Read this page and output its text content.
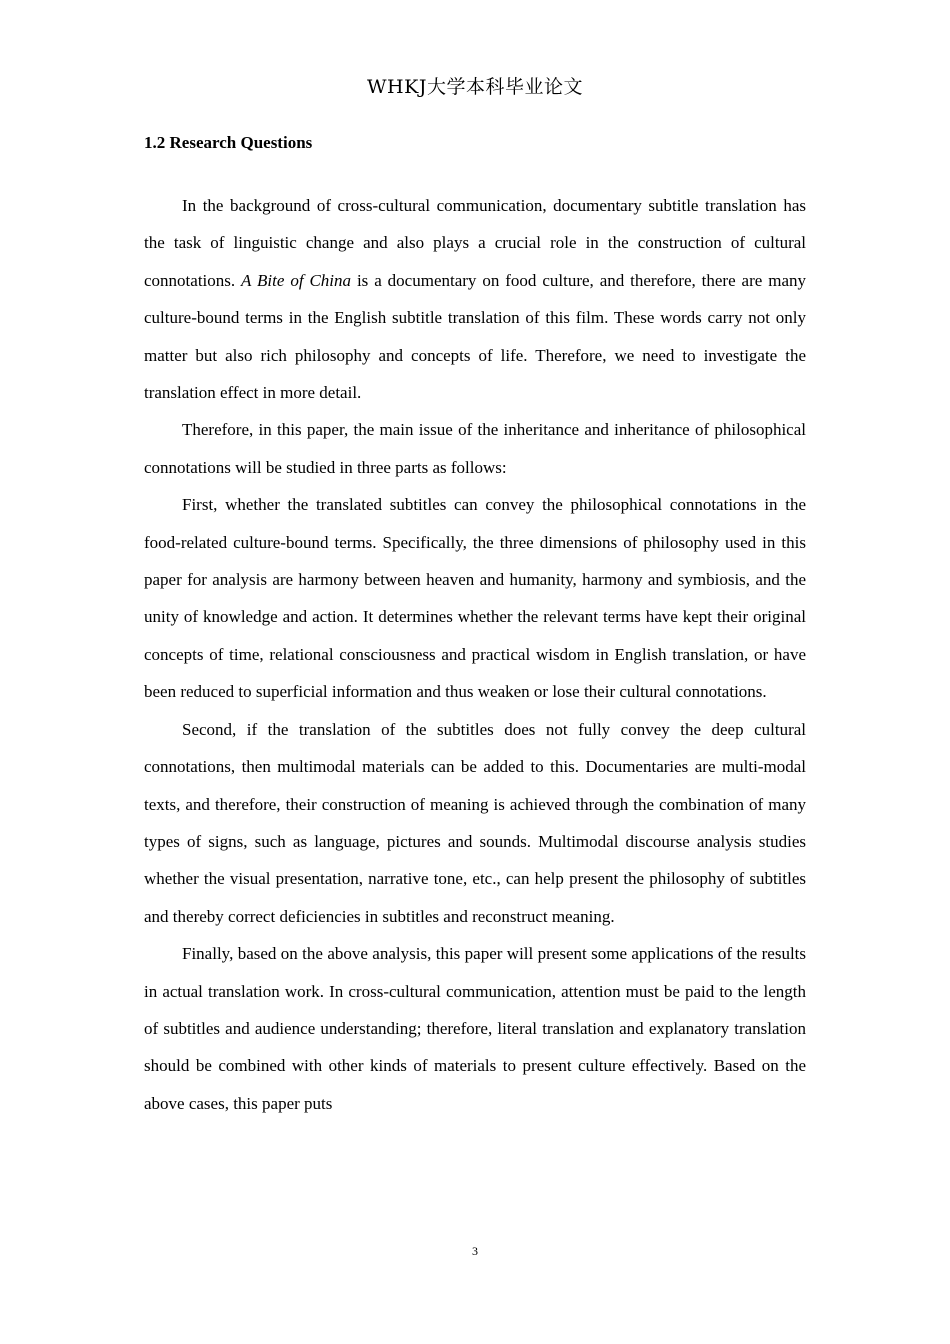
WHKJ大学本科毕业论文
1.2 Research Questions

In the background of cross-cultural communication, documentary subtitle translation has the task of linguistic change and also plays a crucial role in the construction of cultural connotations. A Bite of China is a documentary on food culture, and therefore, there are many culture-bound terms in the English subtitle translation of this film. These words carry not only matter but also rich philosophy and concepts of life. Therefore, we need to investigate the translation effect in more detail.

Therefore, in this paper, the main issue of the inheritance and inheritance of philosophical connotations will be studied in three parts as follows:

First, whether the translated subtitles can convey the philosophical connotations in the food-related culture-bound terms. Specifically, the three dimensions of philosophy used in this paper for analysis are harmony between heaven and humanity, harmony and symbiosis, and the unity of knowledge and action. It determines whether the relevant terms have kept their original concepts of time, relational consciousness and practical wisdom in English translation, or have been reduced to superficial information and thus weaken or lose their cultural connotations.

Second, if the translation of the subtitles does not fully convey the deep cultural connotations, then multimodal materials can be added to this. Documentaries are multi-modal texts, and therefore, their construction of meaning is achieved through the combination of many types of signs, such as language, pictures and sounds. Multimodal discourse analysis studies whether the visual presentation, narrative tone, etc., can help present the philosophy of subtitles and thereby correct deficiencies in subtitles and reconstruct meaning.

Finally, based on the above analysis, this paper will present some applications of the results in actual translation work. In cross-cultural communication, attention must be paid to the length of subtitles and audience understanding; therefore, literal translation and explanatory translation should be combined with other kinds of materials to present culture effectively. Based on the above cases, this paper puts

3
